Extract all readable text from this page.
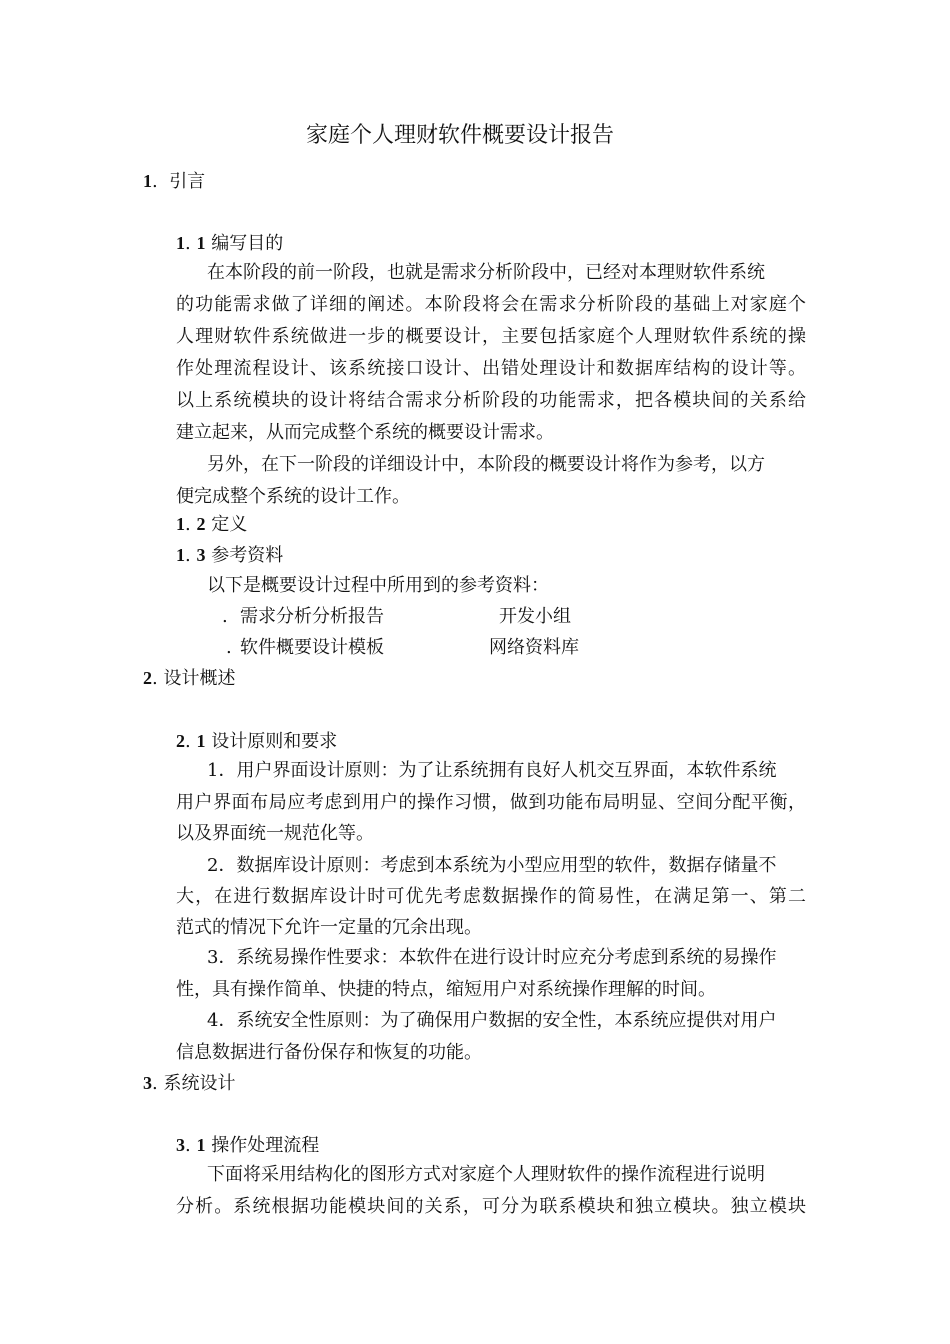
家庭个人理财软件概要设计报告
1. 引言
1. 1 编写目的
在本阶段的前一阶段，也就是需求分析阶段中，已经对本理财软件系统
的功能需求做了详细的阐述。本阶段将会在需求分析阶段的基础上对家庭个
人理财软件系统做进一步的概要设计，主要包括家庭个人理财软件系统的操
作处理流程设计、该系统接口设计、出错处理设计和数据库结构的设计等。
以上系统模块的设计将结合需求分析阶段的功能需求，把各模块间的关系给
建立起来，从而完成整个系统的概要设计需求。
另外，在下一阶段的详细设计中，本阶段的概要设计将作为参考，以方
便完成整个系统的设计工作。
1. 2 定义
1. 3 参考资料
以下是概要设计过程中所用到的参考资料：
. 需求分析分析报告	开发小组
. 软件概要设计模板	网络资料库
2. 设计概述
2. 1 设计原则和要求
1．用户界面设计原则：为了让系统拥有良好人机交互界面，本软件系统
用户界面布局应考虑到用户的操作习惯，做到功能布局明显、空间分配平衡，
以及界面统一规范化等。
2．数据库设计原则：考虑到本系统为小型应用型的软件，数据存储量不
大，在进行数据库设计时可优先考虑数据操作的简易性，在满足第一、第二
范式的情况下允许一定量的冗余出现。
3．系统易操作性要求：本软件在进行设计时应充分考虑到系统的易操作
性，具有操作简单、快捷的特点，缩短用户对系统操作理解的时间。
4．系统安全性原则：为了确保用户数据的安全性，本系统应提供对用户
信息数据进行备份保存和恢复的功能。
3. 系统设计
3. 1 操作处理流程
下面将采用结构化的图形方式对家庭个人理财软件的操作流程进行说明
分析。系统根据功能模块间的关系，可分为联系模块和独立模块。独立模块
